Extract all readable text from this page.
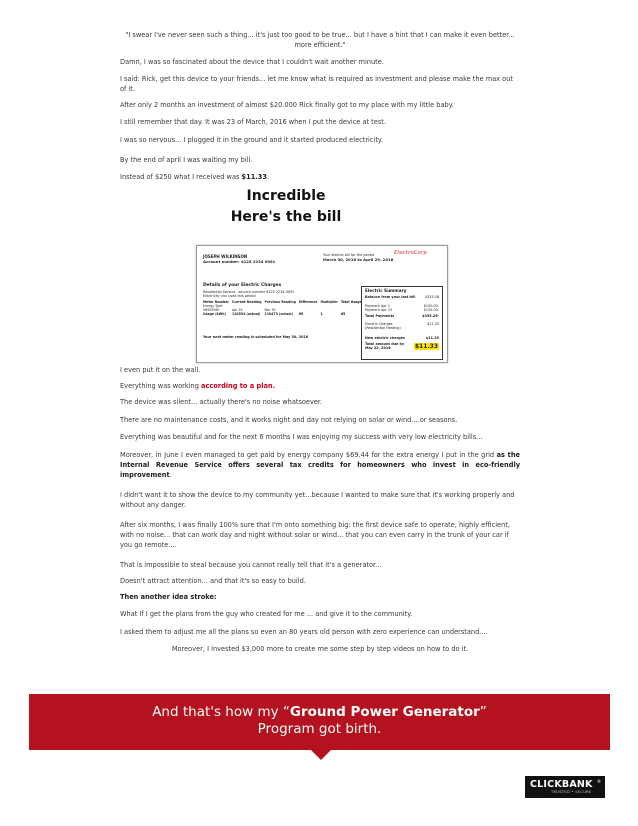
"I swear I've never seen such a thing... it's just too good to be true... but I have a hint that I can make it even better... more efficient."

Damn, I was so fascinated about the device that I couldn't wait another minute.

I said: Rick, get this device to your friends... let me know what is required as investment and please make the max out of it.

After only 2 months an investment of almost $20.000 Rick finally got to my place with my little baby.

I still remember that day. It was 23 of March, 2016 when I put the device at test.

I was so nervous... I plugged it in the ground and it started produced electricity.

By the end of april I was waiting my bill.

Instead of $250 what I received was $11.33.

Incredible
Here's the bill

I even put it on the wall.

Everything was working according to a plan.

The device was silent... actually there's no noise whatsoever.

There are no maintenance costs, and it works night and day not relying on solar or wind....or seasons.

Everything was beautiful and for the next 6 months I was enjoying my success with very low electricity bills...

Moreover, in June I even managed to get paid by energy company $69.44 for the extra energy I put in the grid as the Internal Revenue Service offers several tax credits for homeowners who invest in eco-friendly improvement.

I didn't want it to show the device to my community yet...because I wanted to make sure that it's working properly and without any danger.

After six months, I was finally 100% sure that I'm onto something big: the first device safe to operate, highly efficient, with no noise... that can work day and night without solar or wind... that you can even carry in the trunk of your car if you go remote....

That is impossible to steal because you cannot really tell that it's a generator...

Doesn't attract attention... and that it's so easy to build.

Then another idea stroke:

What If I get the plans from the guy who created for me ... and give it to the community.

I asked them to adjust me all the plans so even an 80 years old person with zero experience can understand....

Moreover, I invested $3,000 more to create me some step by step videos on how to do it.

JOSEPH WILKINSON
Account number: 4125 2234 0091
Your electric bill for the period
March 30, 2016 to April 29, 2016
ElectroCorp
Details of your Electric Charges
Residential Service - service number 6125 2234-0091
Electricity you used this period
Meter Number	Current Reading	Previous Reading	Difference	Multiplier	Total Usage
Energy Type					
V8925560	Apr 29	Mar 30			
Usage (kWh)	110534 (actual)	110473 (actual)	65	1	65
Your next meter reading is scheduled for May 30, 2016
Electric Summary
Balance from your last bill	$335.26
Payment Apr 1	$100.00-
Payment Apr 15	$125.00-
Total Payments	$335.26-
Electric Charges (Residential Heating)
$11.33
New electric charges	$11.33
Total amount due by May 22, 2016	$11.33
And that's how my “Ground Power Generator”
Program got birth.
CLICKBANK ®
TRUSTED • SECURE
